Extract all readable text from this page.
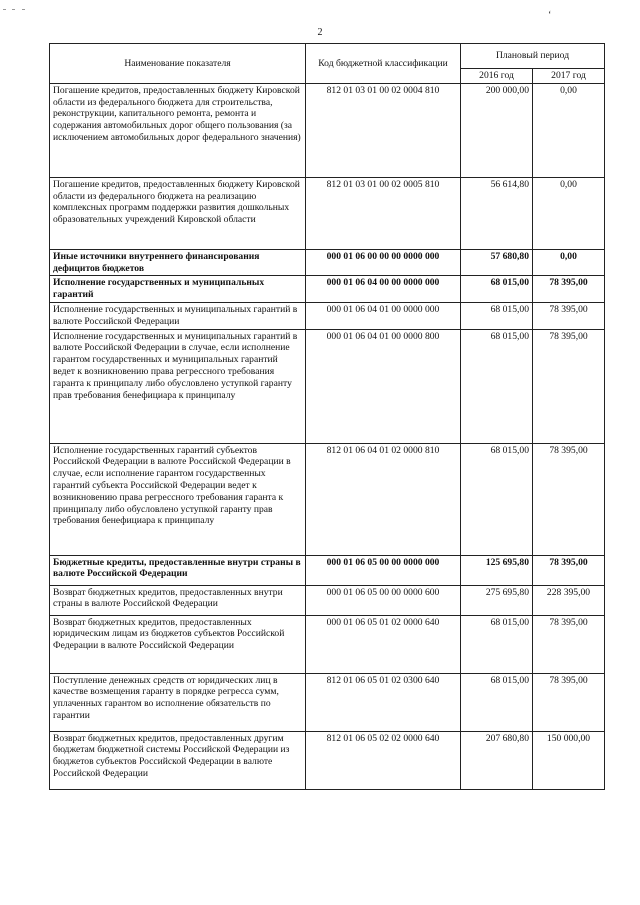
‘
2
Наименование показателя	Код бюджетной классификации	Плановый период	
		2016 год	2017 год
Погашение кредитов, предоставленных бюджету Кировской области из федерального бюджета для строительства, реконструкции, капитального ремонта, ремонта и содержания автомобильных дорог общего пользования (за исключением автомобильных дорог федерального значения)	812 01 03 01 00 02 0004 810	200 000,00	0,00
Погашение кредитов, предоставленных бюджету Кировской области из федерального бюджета на реализацию комплексных программ поддержки развития дошкольных образовательных учреждений Кировской области	812 01 03 01 00 02 0005 810	56 614,80	0,00
Иные источники внутреннего финансирования дефицитов бюджетов	000 01 06 00 00 00 0000 000	57 680,80	0,00
Исполнение государственных и муниципальных гарантий	000 01 06 04 00 00 0000 000	68 015,00	78 395,00
Исполнение государственных и муниципальных гарантий в валюте Российской Федерации	000 01 06 04 01 00 0000 000	68 015,00	78 395,00
Исполнение государственных и муниципальных гарантий в валюте Российской Федерации в случае, если исполнение гарантом государственных и муниципальных гарантий ведет к возникновению права регрессного требования гаранта к принципалу либо обусловлено уступкой гаранту прав требования бенефициара к принципалу	000 01 06 04 01 00 0000 800	68 015,00	78 395,00
Исполнение государственных гарантий субъектов Российской Федерации в валюте Российской Федерации в случае, если исполнение гарантом государственных гарантий субъекта Российской Федерации ведет к возникновению права регрессного требования гаранта к принципалу либо обусловлено уступкой гаранту прав требования бенефициара к принципалу	812 01 06 04 01 02 0000 810	68 015,00	78 395,00
Бюджетные кредиты, предоставленные внутри страны в валюте Российской Федерации	000 01 06 05 00 00 0000 000	125 695,80	78 395,00
Возврат бюджетных кредитов, предоставленных внутри страны в валюте Российской Федерации	000 01 06 05 00 00 0000 600	275 695,80	228 395,00
Возврат бюджетных кредитов, предоставленных юридическим лицам из бюджетов субъектов Российской Федерации в валюте Российской Федерации	000 01 06 05 01 02 0000 640	68 015,00	78 395,00
Поступление денежных средств от юридических лиц в качестве возмещения гаранту в порядке регресса сумм, уплаченных гарантом во исполнение обязательств по гарантии	812 01 06 05 01 02 0300 640	68 015,00	78 395,00
Возврат бюджетных кредитов, предоставленных другим бюджетам бюджетной системы Российской Федерации из бюджетов субъектов Российской Федерации в валюте Российской Федерации	812 01 06 05 02 02 0000 640	207 680,80	150 000,00
